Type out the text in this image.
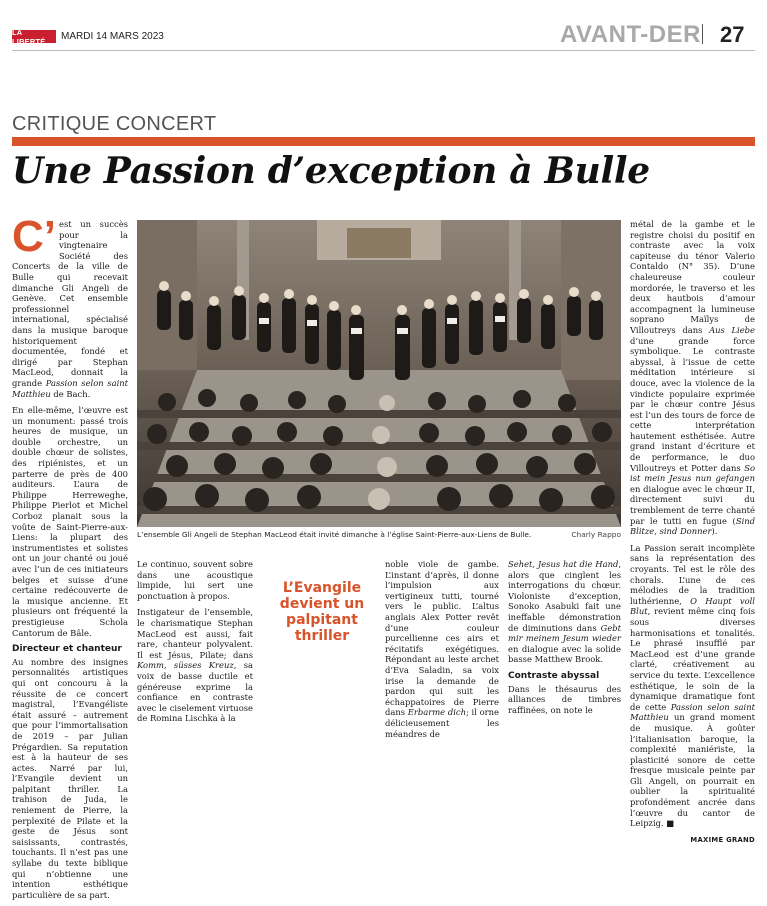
LA LIBERTÉ	MARDI 14 MARS 2023	AVANT-DER 27
CRITIQUE CONCERT
Une Passion d’exception à Bulle

C’ est un succès pour la vingtenaire Société des Concerts de la ville de Bulle qui recevait dimanche Gli Angeli de Genève. Cet ensemble professionnel international, spécialisé dans la musique baroque historiquement documentée, fondé et dirigé par Stephan MacLeod, donnait la grande Passion selon saint Matthieu de Bach.

En elle-même, l’œuvre est un monument: passé trois heures de musique, un double orchestre, un double chœur de solistes, des ripiénistes, et un parterre de près de 400 auditeurs. L’aura de Philippe Herreweghe, Philippe Pierlot et Michel Corboz planait sous la voûte de Saint-Pierre-aux-Liens: la plupart des instrumentistes et solistes ont un jour chanté ou joué avec l’un de ces initiateurs belges et suisse d’une certaine redécouverte de la musique ancienne. Et plusieurs ont fréquenté la prestigieuse Schola Cantorum de Bâle.

Directeur et chanteur

Au nombre des insignes personnalités artistiques qui ont concouru à la réussite de ce concert magistral, l’Evangéliste était assuré – autrement que pour l’immortalisation de 2019 – par Julian Prégardien. Sa reputation est à la hauteur de ses actes. Narré par lui, l’Evangile devient un palpitant thriller. La trahison de Juda, le reniement de Pierre, la perplexité de Pilate et la geste de Jésus sont saisissants, contrastés, touchants. Il n’est pas une syllabe du texte biblique qui n’obtienne une intention esthétique particulière de sa part.

L’ensemble Gli Angeli de Stephan MacLeod était invité dimanche à l’église Saint-Pierre-aux-Liens de Bulle.	Charly Rappo

Le continuo, souvent sobre dans une acoustique limpide, lui sert une ponctuation à propos.

Instigateur de l’ensemble, le charismatique Stephan MacLeod est aussi, fait rare, chanteur polyvalent. Il est Jésus, Pilate; dans Komm, süsses Kreuz, sa voix de basse ductile et généreuse exprime la confiance en contraste avec le ciselement virtuose de Romina Lischka à la

L’Evangile devient un palpitant thriller

noble viole de gambe. L’instant d’après, il donne l’impulsion aux vertigineux tutti, tourné vers le public. L’altus anglais Alex Potter revêt d’une couleur purcellienne ces airs et récitatifs exégétiques. Répondant au leste archet d’Eva Saladin, sa voix irise la demande de pardon qui suit les échappatoires de Pierre dans Erbarme dich; il orne délicieusement les méandres de

Sehet, Jesus hat die Hand, alors que cinglent les interrogations du chœur. Violoniste d’exception, Sonoko Asabuki fait une ineffable démonstration de diminutions dans Gebt mir meinem Jesum wieder en dialogue avec la solide basse Matthew Brook.

Contraste abyssal

Dans le thésaurus des alliances de timbres raffinées, on note le

métal de la gambe et le registre choisi du positif en contraste avec la voix capiteuse du ténor Valerio Contaldo (N° 35). D’une chaleureuse couleur mordorée, le traverso et les deux hautbois d’amour accompagnent la lumineuse soprano Maïlys de Villoutreys dans Aus Liebe d’une grande force symbolique. Le contraste abyssal, à l’issue de cette méditation intérieure si douce, avec la violence de la vindicte populaire exprimée par le chœur contre Jésus est l’un des tours de force de cette interprétation hautement esthétisée. Autre grand instant d’écriture et de performance, le duo Villoutreys et Potter dans So ist mein Jesus nun gefangen en dialogue avec le chœur II, directement suivi du tremblement de terre chanté par le tutti en fugue (Sind Blitze, sind Donner).

La Passion serait incomplète sans la représentation des croyants. Tel est le rôle des chorals. L’une de ces mélodies de la tradition luthérienne, O Haupt voll Blut, revient même cinq fois sous diverses harmonisations et tonalités. Le phrasé insufflé par MacLeod est d’une grande clarté, créativement au service du texte. L’excellence esthétique, le soin de la dynamique dramatique font de cette Passion selon saint Matthieu un grand moment de musique. À goûter l’italianisation baroque, la complexité maniériste, la plasticité sonore de cette fresque musicale peinte par Gli Angeli, on pourrait en oublier la spiritualité profondément ancrée dans l’œuvre du cantor de Leipzig. ■

MAXIME GRAND
